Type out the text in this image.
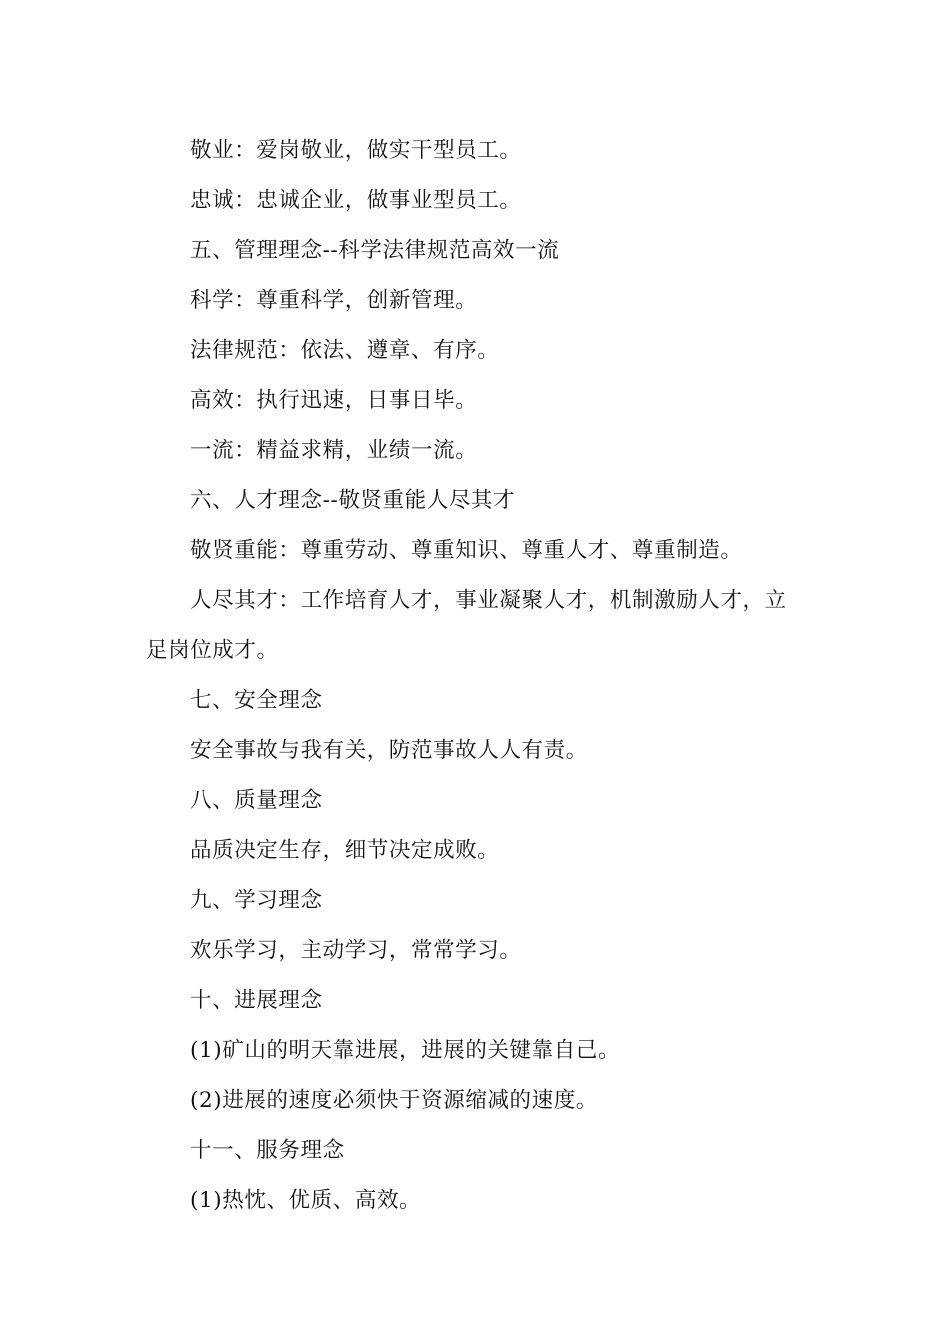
敬业：爱岗敬业，做实干型员工。

忠诚：忠诚企业，做事业型员工。

五、管理理念--科学法律规范高效一流

科学：尊重科学，创新管理。

法律规范：依法、遵章、有序。

高效：执行迅速，日事日毕。

一流：精益求精，业绩一流。

六、人才理念--敬贤重能人尽其才

敬贤重能：尊重劳动、尊重知识、尊重人才、尊重制造。

人尽其才：工作培育人才，事业凝聚人才，机制激励人才，立

足岗位成才。

七、安全理念

安全事故与我有关，防范事故人人有责。

八、质量理念

品质决定生存，细节决定成败。

九、学习理念

欢乐学习，主动学习，常常学习。

十、进展理念

(1)矿山的明天靠进展，进展的关键靠自己。

(2)进展的速度必须快于资源缩减的速度。

十一、服务理念

(1)热忱、优质、高效。
